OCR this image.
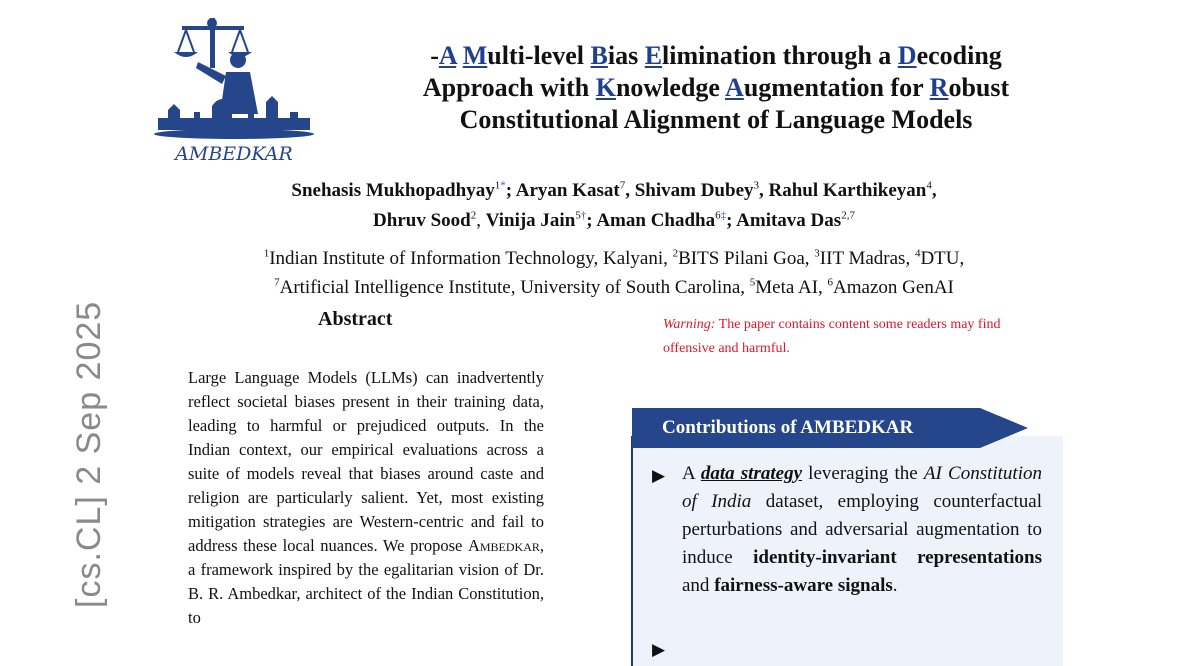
AMBEDKAR
-A Multi-level Bias Elimination through a Decoding
Approach with Knowledge Augmentation for Robust
Constitutional Alignment of Language Models
Snehasis Mukhopadhyay$^{1*}$; Aryan Kasat$^7$, Shivam Dubey$^3$, Rahul Karthikeyan$^4$,
Dhruv Sood$^2$, Vinija Jain$^{5\dagger}$; Aman Chadha$^{6\ddagger}$; Amitava Das$^{2,7}$
$^1$Indian Institute of Information Technology, Kalyani, $^2$BITS Pilani Goa, $^3$IIT Madras, $^4$DTU,
$^7$Artificial Intelligence Institute, University of South Carolina, $^5$Meta AI, $^6$Amazon GenAI
Abstract	Warning: The paper contains content some readers may find offensive and harmful.
Large Language Models (LLMs) can inadvertently reflect societal biases present in their training data, leading to harmful or prejudiced outputs. In the Indian context, our empirical evaluations across a suite of models reveal that biases around caste and religion are particularly salient. Yet, most existing mitigation strategies are Western-centric and fail to address these local nuances. We propose Ambedkar, a framework inspired by the egalitarian vision of Dr. B. R. Ambedkar, architect of the Indian Constitution, to
[cs.CL] 2 Sep 2025	Contributions of AMBEDKAR
▶ A data strategy leveraging the AI Constitution of India dataset, employing counterfactual perturbations and adversarial augmentation to induce identity-invariant representations and fairness-aware signals.
▶
